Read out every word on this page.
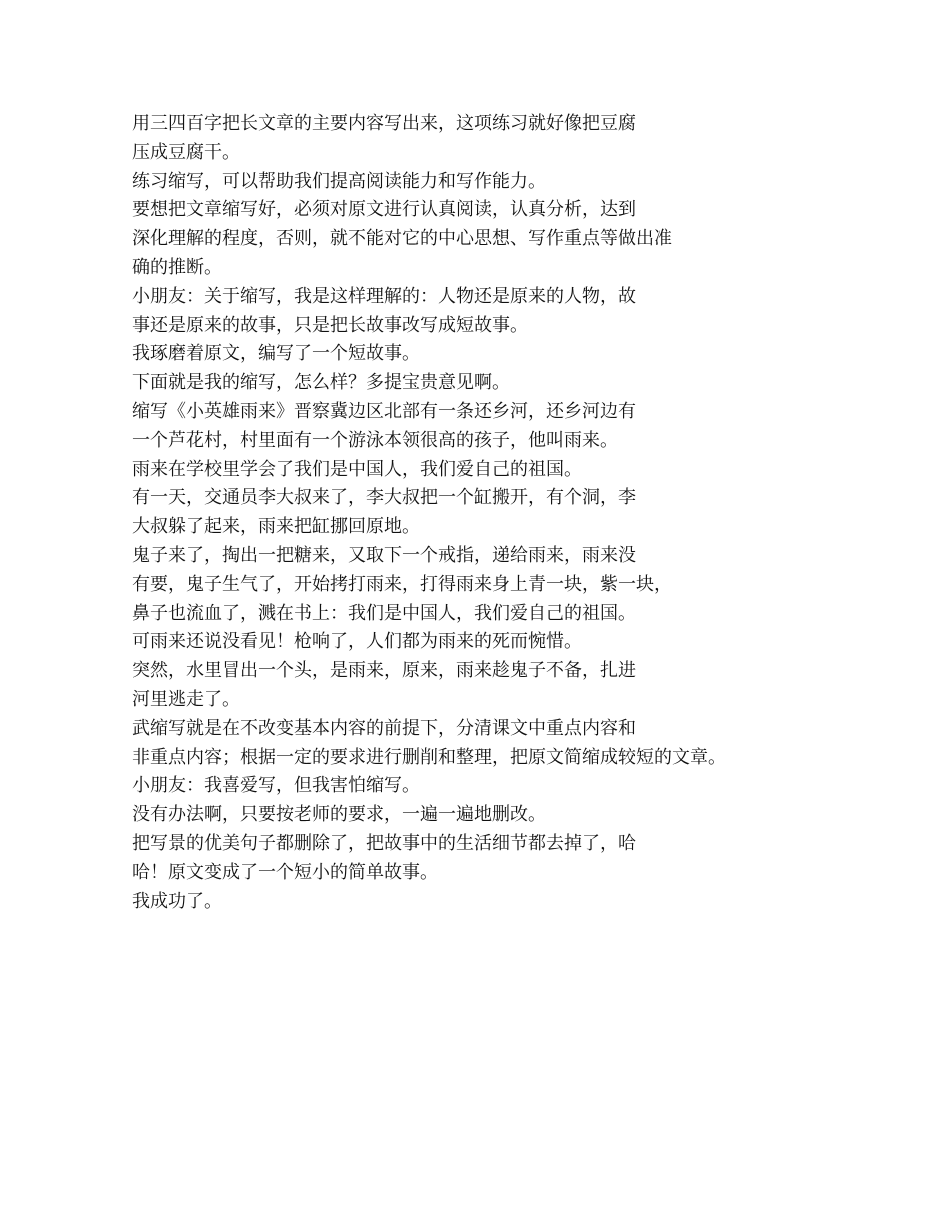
用三四百字把长文章的主要内容写出来，这项练习就好像把豆腐

压成豆腐干。

练习缩写，可以帮助我们提高阅读能力和写作能力。

要想把文章缩写好，必须对原文进行认真阅读，认真分析，达到

深化理解的程度，否则，就不能对它的中心思想、写作重点等做出准

确的推断。

小朋友：关于缩写，我是这样理解的：人物还是原来的人物，故

事还是原来的故事，只是把长故事改写成短故事。

我琢磨着原文，编写了一个短故事。

下面就是我的缩写，怎么样？多提宝贵意见啊。

缩写《小英雄雨来》晋察冀边区北部有一条还乡河，还乡河边有

一个芦花村，村里面有一个游泳本领很高的孩子，他叫雨来。

雨来在学校里学会了我们是中国人，我们爱自己的祖国。

有一天，交通员李大叔来了，李大叔把一个缸搬开，有个洞，李

大叔躲了起来，雨来把缸挪回原地。

鬼子来了，掏出一把糖来，又取下一个戒指，递给雨来，雨来没

有要，鬼子生气了，开始拷打雨来，打得雨来身上青一块，紫一块，

鼻子也流血了，溅在书上：我们是中国人，我们爱自己的祖国。

可雨来还说没看见！枪响了，人们都为雨来的死而惋惜。

突然，水里冒出一个头，是雨来，原来，雨来趁鬼子不备，扎进

河里逃走了。

武缩写就是在不改变基本内容的前提下，分清课文中重点内容和

非重点内容；根据一定的要求进行删削和整理，把原文简缩成较短的文章。

小朋友：我喜爱写，但我害怕缩写。

没有办法啊，只要按老师的要求，一遍一遍地删改。

把写景的优美句子都删除了，把故事中的生活细节都去掉了，哈

哈！原文变成了一个短小的简单故事。

我成功了。
